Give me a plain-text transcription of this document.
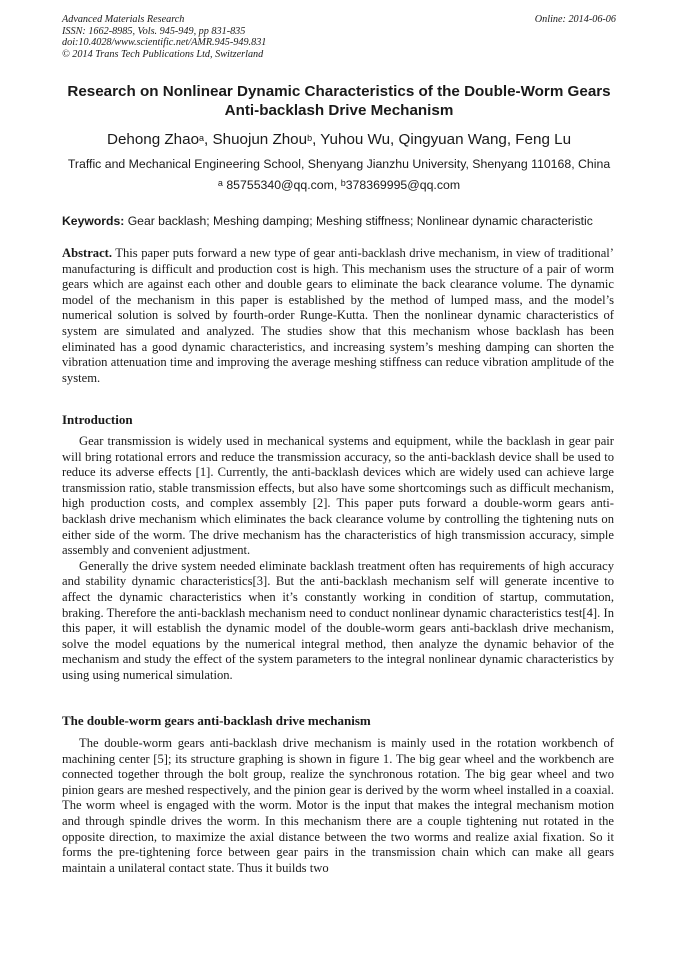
Advanced Materials Research
ISSN: 1662-8985, Vols. 945-949, pp 831-835
doi:10.4028/www.scientific.net/AMR.945-949.831
© 2014 Trans Tech Publications Ltd, Switzerland
Online: 2014-06-06
Research on Nonlinear Dynamic Characteristics of the Double-Worm Gears Anti-backlash Drive Mechanism
Dehong Zhao$^a$, Shuojun Zhou$^b$, Yuhou Wu, Qingyuan Wang, Feng Lu
Traffic and Mechanical Engineering School, Shenyang Jianzhu University, Shenyang 110168, China
$^a$ 85755340@qq.com, $^b$378369995@qq.com
Keywords: Gear backlash; Meshing damping; Meshing stiffness; Nonlinear dynamic characteristic
Abstract. This paper puts forward a new type of gear anti-backlash drive mechanism, in view of traditional’ manufacturing is difficult and production cost is high. This mechanism uses the structure of a pair of worm gears which are against each other and double gears to eliminate the back clearance volume. The dynamic model of the mechanism in this paper is established by the method of lumped mass, and the model’s numerical solution is solved by fourth-order Runge-Kutta. Then the nonlinear dynamic characteristics of system are simulated and analyzed. The studies show that this mechanism whose backlash has been eliminated has a good dynamic characteristics, and increasing system’s meshing damping can shorten the vibration attenuation time and improving the average meshing stiffness can reduce vibration amplitude of the system.
Introduction

Gear transmission is widely used in mechanical systems and equipment, while the backlash in gear pair will bring rotational errors and reduce the transmission accuracy, so the anti-backlash device shall be used to reduce its adverse effects [1]. Currently, the anti-backlash devices which are widely used can achieve large transmission ratio, stable transmission effects, but also have some shortcomings such as difficult mechanism, high production costs, and complex assembly [2]. This paper puts forward a double-worm gears anti-backlash drive mechanism which eliminates the back clearance volume by controlling the tightening nuts on either side of the worm. The drive mechanism has the characteristics of high transmission accuracy, simple assembly and convenient adjustment.

Generally the drive system needed eliminate backlash treatment often has requirements of high accuracy and stability dynamic characteristics[3]. But the anti-backlash mechanism self will generate incentive to affect the dynamic characteristics when it’s constantly working in condition of startup, commutation, braking. Therefore the anti-backlash mechanism need to conduct nonlinear dynamic characteristics test[4]. In this paper, it will establish the dynamic model of the double-worm gears anti-backlash drive mechanism, solve the model equations by the numerical integral method, then analyze the dynamic behavior of the mechanism and study the effect of the system parameters to the integral nonlinear dynamic characteristics by using using numerical simulation.

The double-worm gears anti-backlash drive mechanism

The double-worm gears anti-backlash drive mechanism is mainly used in the rotation workbench of machining center [5]; its structure graphing is shown in figure 1. The big gear wheel and the workbench are connected together through the bolt group, realize the synchronous rotation. The big gear wheel and two pinion gears are meshed respectively, and the pinion gear is derived by the worm wheel installed in a coaxial. The worm wheel is engaged with the worm. Motor is the input that makes the integral mechanism motion and through spindle drives the worm. In this mechanism there are a couple tightening nut rotated in the opposite direction, to maximize the axial distance between the two worms and realize axial fixation. So it forms the pre-tightening force between gear pairs in the transmission chain which can make all gears maintain a unilateral contact state. Thus it builds two
